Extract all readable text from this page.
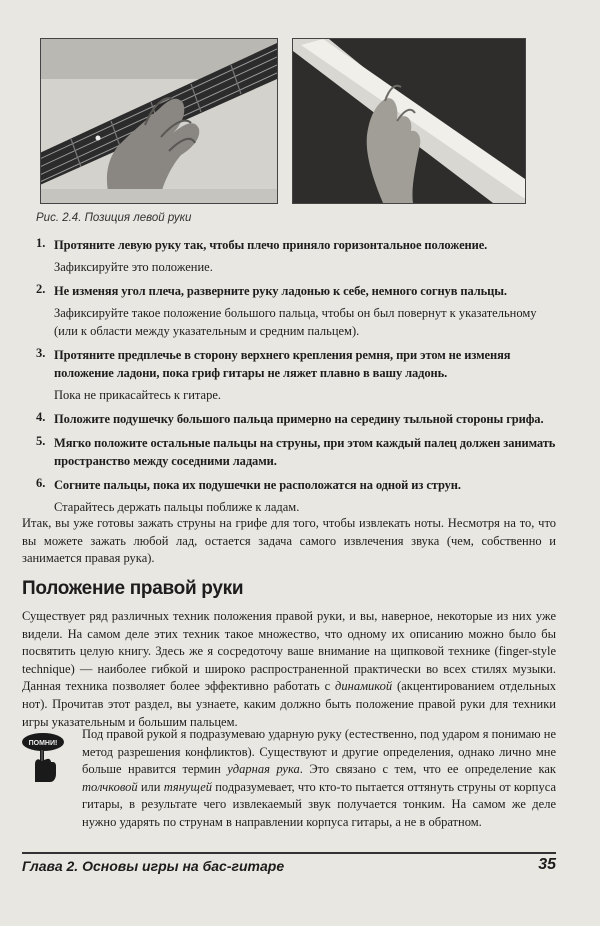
Рис. 2.4. Позиция левой руки
1. Протяните левую руку так, чтобы плечо приняло горизонтальное положение.
Зафиксируйте это положение.
2. Не изменяя угол плеча, разверните руку ладонью к себе, немного согнув пальцы.
Зафиксируйте такое положение большого пальца, чтобы он был повернут к указательному (или к области между указательным и средним пальцем).
3. Протяните предплечье в сторону верхнего крепления ремня, при этом не изменяя положение ладони, пока гриф гитары не ляжет плавно в вашу ладонь.
Пока не прикасайтесь к гитаре.
4. Положите подушечку большого пальца примерно на середину тыльной стороны грифа.
5. Мягко положите остальные пальцы на струны, при этом каждый палец должен занимать пространство между соседними ладами.
6. Согните пальцы, пока их подушечки не расположатся на одной из струн.
Старайтесь держать пальцы поближе к ладам.

Итак, вы уже готовы зажать струны на грифе для того, чтобы извлекать ноты. Несмотря на то, что вы можете зажать любой лад, остается задача самого извлечения звука (чем, собственно и занимается правая рука).

Положение правой руки

Существует ряд различных техник положения правой руки, и вы, наверное, некоторые из них уже видели. На самом деле этих техник такое множество, что одному их описанию можно было бы посвятить целую книгу. Здесь же я сосредоточу ваше внимание на щипковой технике (finger-style technique) — наиболее гибкой и широко распространенной практически во всех стилях музыки. Данная техника позволяет более эффективно работать с динамикой (акцентированием отдельных нот). Прочитав этот раздел, вы узнаете, каким должно быть положение правой руки для техники игры указательным и большим пальцем.

ПОМНИ!

Под правой рукой я подразумеваю ударную руку (естественно, под ударом я понимаю не метод разрешения конфликтов). Существуют и другие определения, однако лично мне больше нравится термин ударная рука. Это связано с тем, что ее определение как толчковой или тянущей подразумевает, что кто-то пытается оттянуть струны от корпуса гитары, в результате чего извлекаемый звук получается тонким. На самом же деле нужно ударять по струнам в направлении корпуса гитары, а не в обратном.

Глава 2. Основы игры на бас-гитаре	35
